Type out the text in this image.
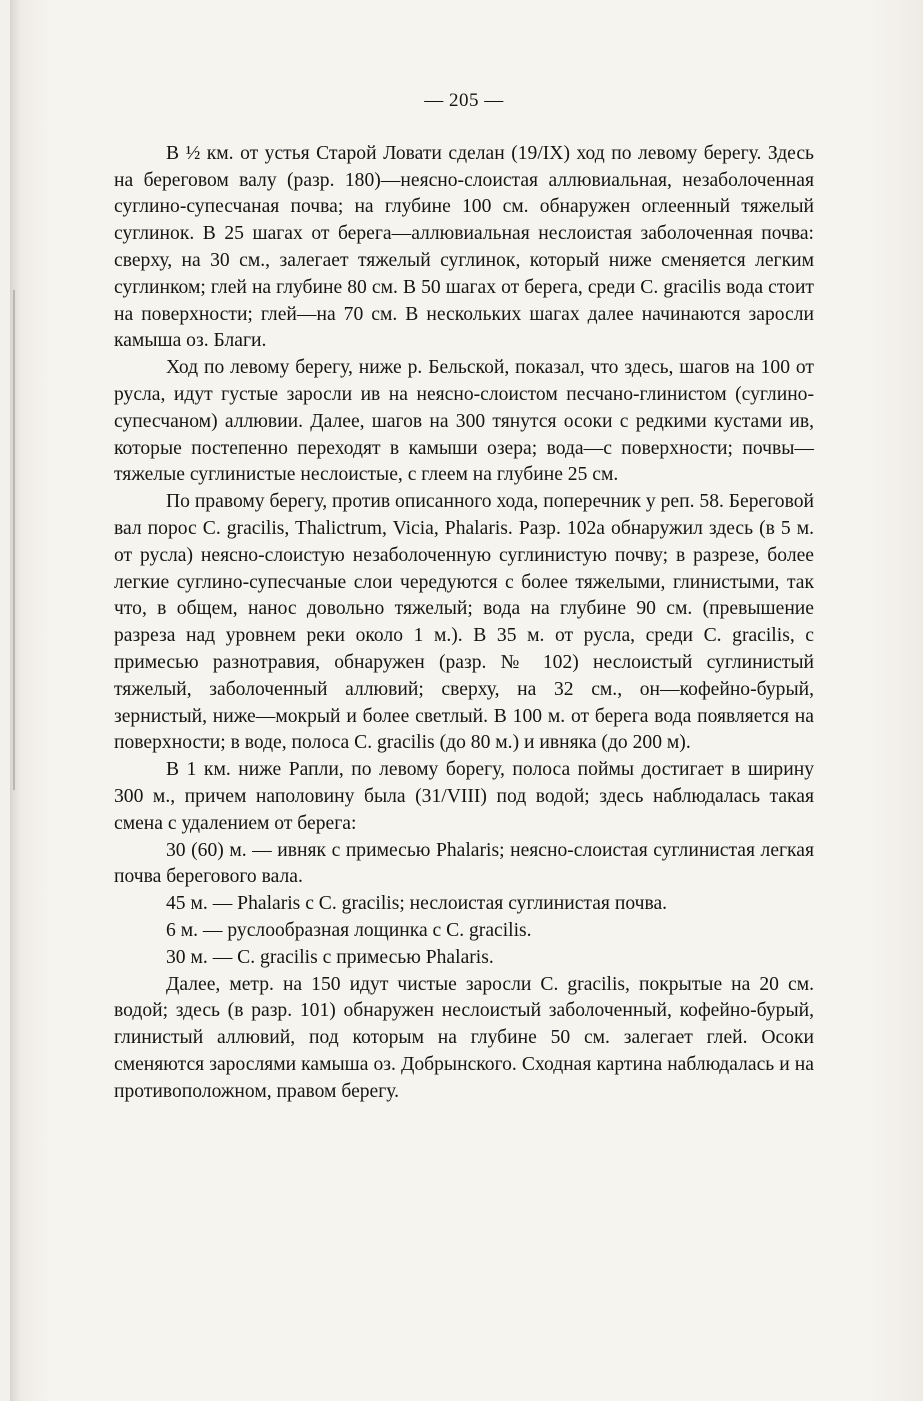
— 205 —

В ½ км. от устья Старой Ловати сделан (19/IX) ход по левому берегу. Здесь на береговом валу (разр. 180)—неясно-слоистая аллювиальная, незаболоченная суглино-супесчаная почва; на глубине 100 см. обнаружен оглеенный тяжелый суглинок. В 25 шагах от берега—аллювиальная неслоистая заболоченная почва: сверху, на 30 см., залегает тяжелый суглинок, который ниже сменяется легким суглинком; глей на глубине 80 см. В 50 шагах от берега, среди C. gracilis вода стоит на поверхности; глей—на 70 см. В нескольких шагах далее начинаются заросли камыша оз. Благи.

Ход по левому берегу, ниже р. Бельской, показал, что здесь, шагов на 100 от русла, идут густые заросли ив на неясно-слоистом песчано-глинистом (суглино-супесчаном) аллювии. Далее, шагов на 300 тянутся осоки с редкими кустами ив, которые постепенно переходят в камыши озера; вода—с поверхности; почвы—тяжелые суглинистые неслоистые, с глеем на глубине 25 см.

По правому берегу, против описанного хода, поперечник у реп. 58. Береговой вал порос C. gracilis, Thalictrum, Vicia, Phalaris. Разр. 102а обнаружил здесь (в 5 м. от русла) неясно-слоистую незаболоченную суглинистую почву; в разрезе, более легкие суглино-супесчаные слои чередуются с более тяжелыми, глинистыми, так что, в общем, нанос довольно тяжелый; вода на глубине 90 см. (превышение разреза над уровнем реки около 1 м.). В 35 м. от русла, среди C. gracilis, с примесью разнотравия, обнаружен (разр. № 102) неслоистый суглинистый тяжелый, заболоченный аллювий; сверху, на 32 см., он—кофейно-бурый, зернистый, ниже—мокрый и более светлый. В 100 м. от берега вода появляется на поверхности; в воде, полоса C. gracilis (до 80 м.) и ивняка (до 200 м).

В 1 км. ниже Рапли, по левому борегу, полоса поймы достигает в ширину 300 м., причем наполовину была (31/VIII) под водой; здесь наблюдалась такая смена с удалением от берега:

30 (60) м. — ивняк с примесью Phalaris; неясно-слоистая суглинистая легкая почва берегового вала.

45 м. — Phalaris с C. gracilis; неслоистая суглинистая почва.

6 м. — руслообразная лощинка с C. gracilis.

30 м. — C. gracilis с примесью Phalaris.

Далее, метр. на 150 идут чистые заросли C. gracilis, покрытые на 20 см. водой; здесь (в разр. 101) обнаружен неслоистый заболоченный, кофейно-бурый, глинистый аллювий, под которым на глубине 50 см. залегает глей. Осоки сменяются зарослями камыша оз. Добрынского. Сходная картина наблюдалась и на противоположном, правом берегу.
